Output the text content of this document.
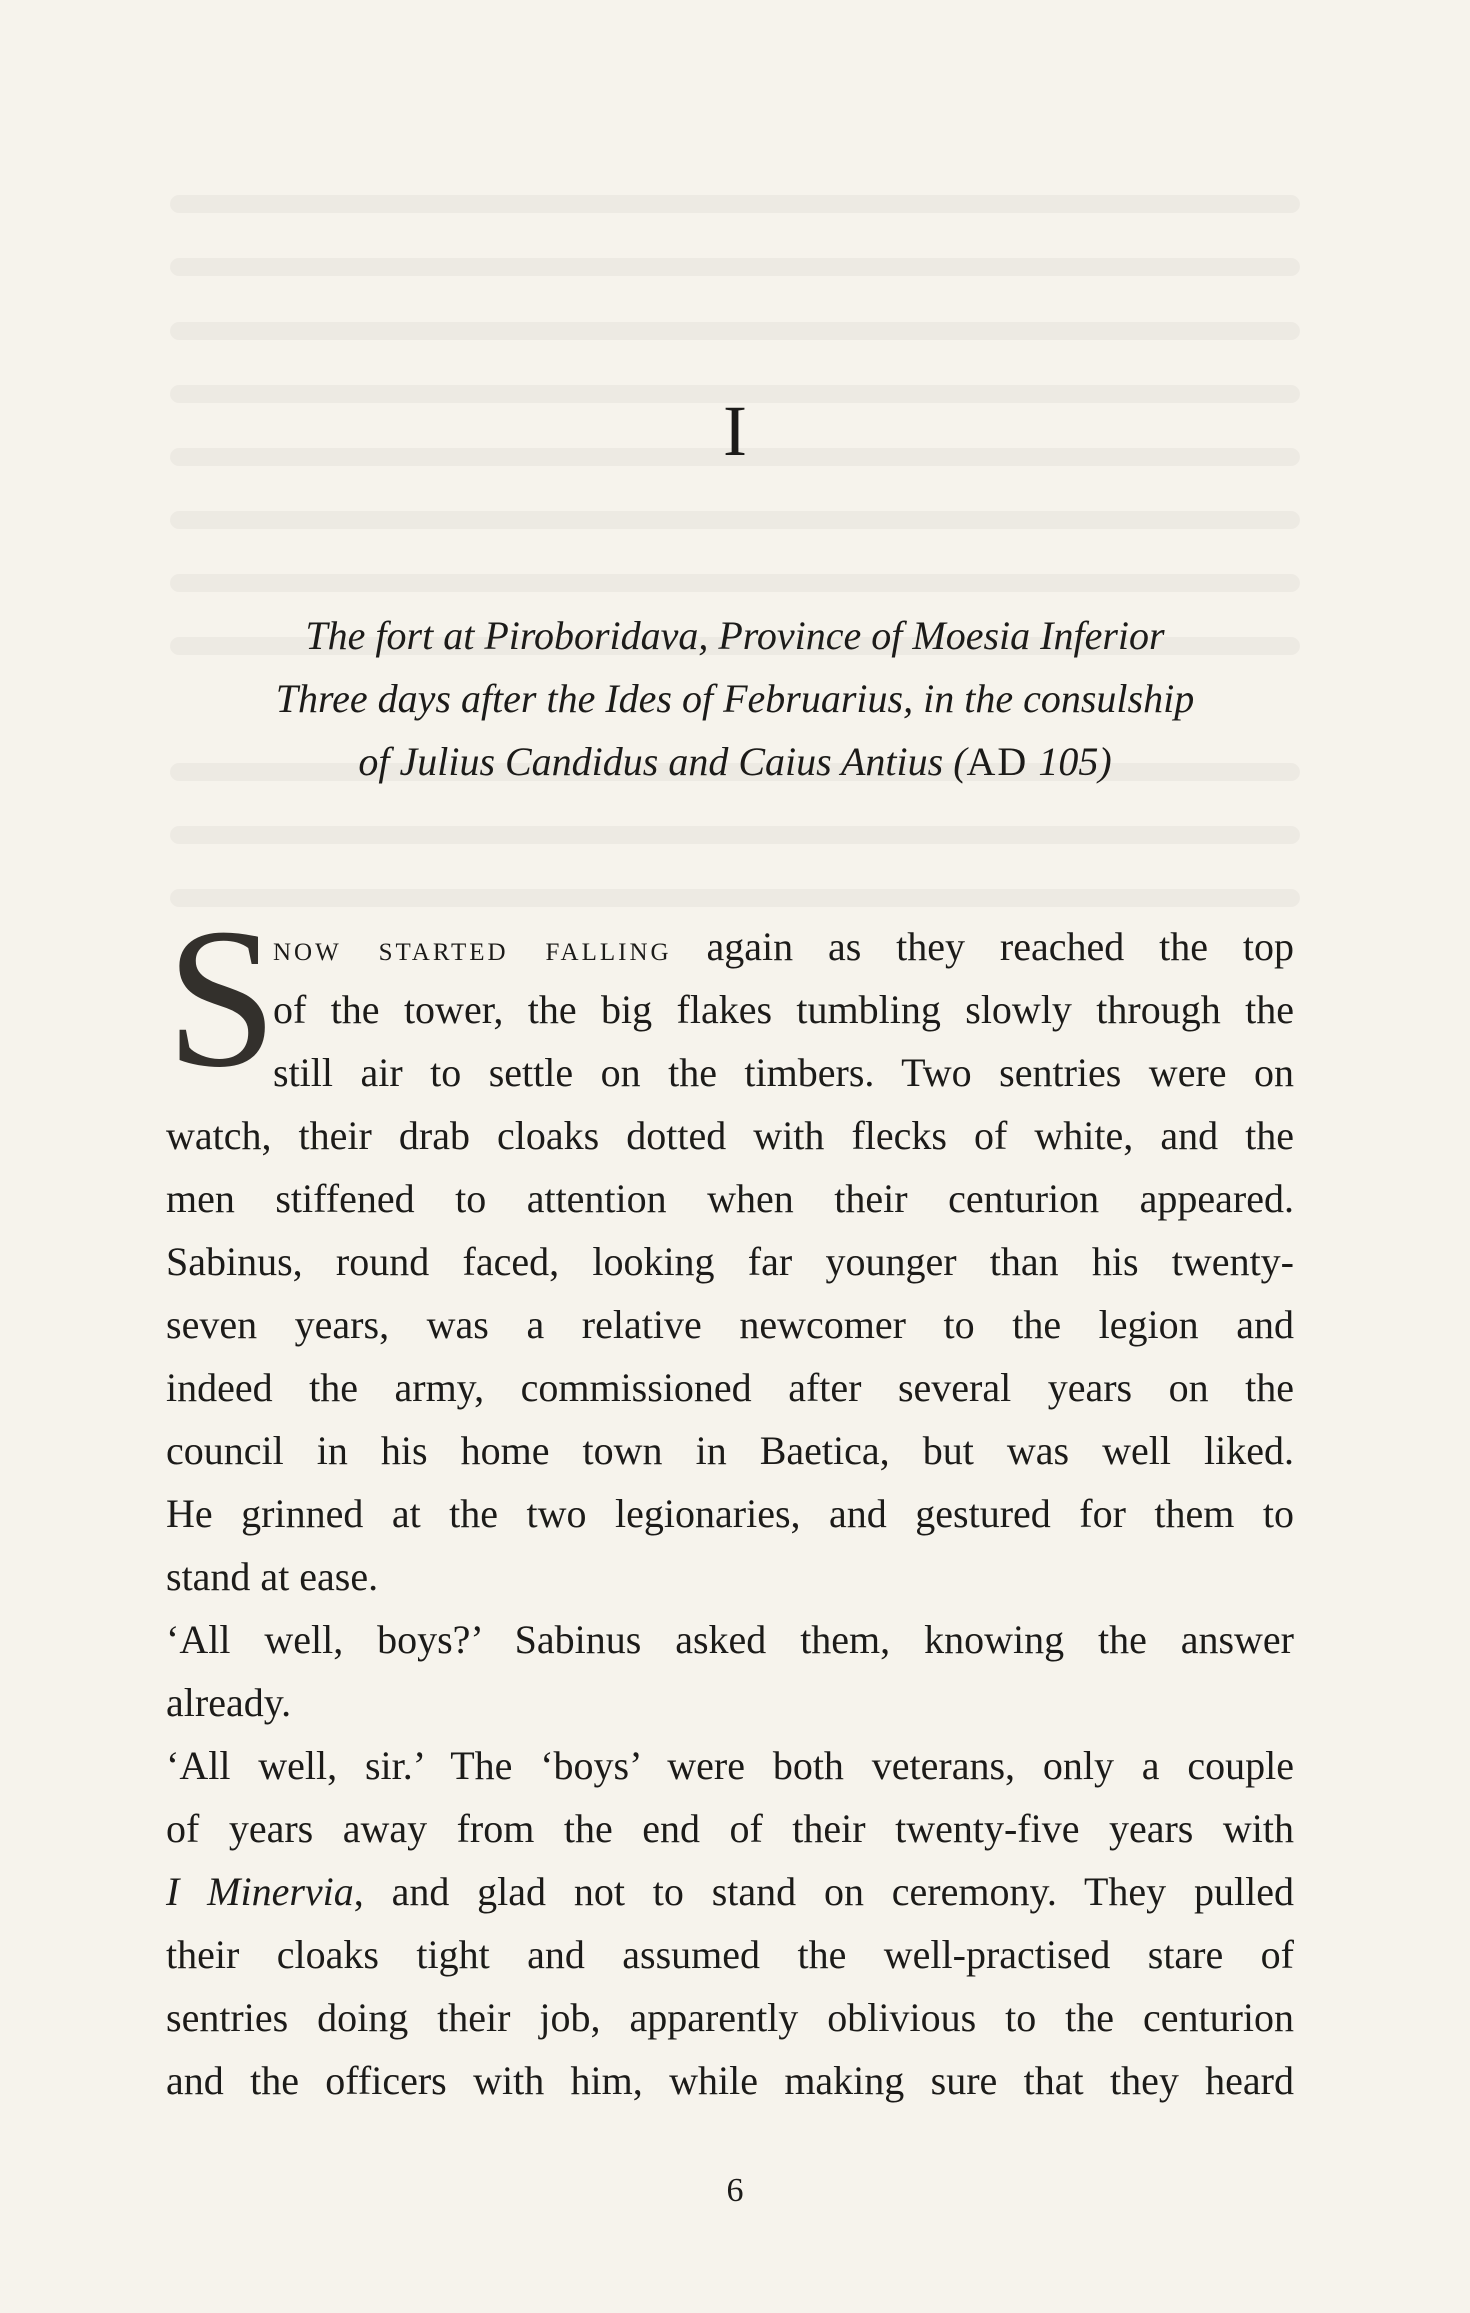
I
The fort at Piroboridava, Province of Moesia Inferior
Three days after the Ides of Februarius, in the consulship
of Julius Candidus and Caius Antius (AD 105)
S
now started falling again as they reached the top
of the tower, the big flakes tumbling slowly through the
still air to settle on the timbers. Two sentries were on
watch, their drab cloaks dotted with flecks of white, and the
men stiffened to attention when their centurion appeared.
Sabinus, round faced, looking far younger than his twenty-
seven years, was a relative newcomer to the legion and
indeed the army, commissioned after several years on the
council in his home town in Baetica, but was well liked.
He grinned at the two legionaries, and gestured for them to
stand at ease.
‘All well, boys?’ Sabinus asked them, knowing the answer
already.
‘All well, sir.’ The ‘boys’ were both veterans, only a couple
of years away from the end of their twenty-five years with
I Minervia, and glad not to stand on ceremony. They pulled
their cloaks tight and assumed the well-practised stare of
sentries doing their job, apparently oblivious to the centurion
and the officers with him, while making sure that they heard
6
